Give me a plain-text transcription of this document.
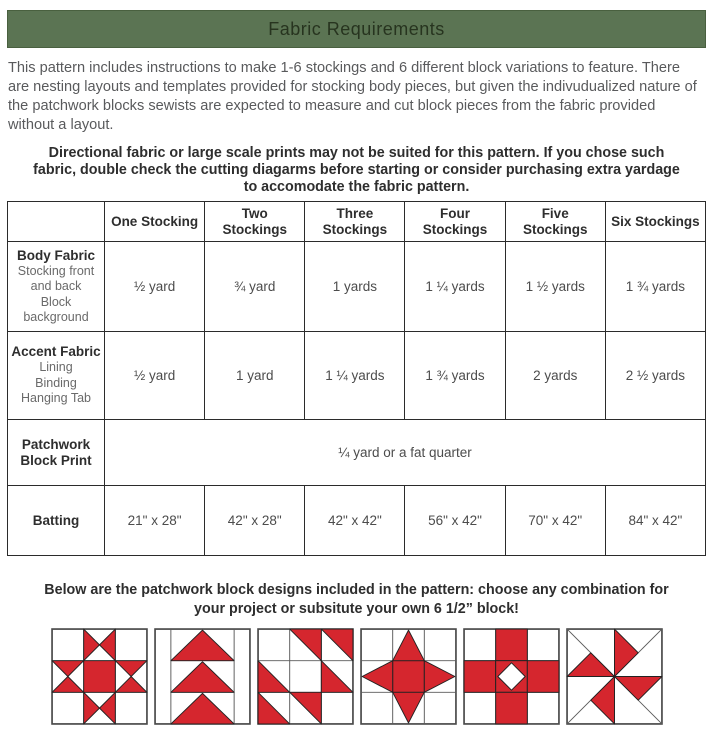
Fabric Requirements

This pattern includes instructions to make 1-6 stockings and 6 different block variations to feature. There are nesting layouts and templates provided for stocking body pieces, but given the indivudualized nature of the patchwork blocks sewists are expected to measure and cut block pieces from the fabric provided without a layout.

Directional fabric or large scale prints may not be suited for this pattern. If you chose such fabric, double check the cutting diagarms before starting or consider purchasing extra yardage to accomodate the fabric pattern.

	One Stocking	Two Stockings	Three Stockings	Four Stockings	Five Stockings	Six Stockings

Body Fabric
Stocking front
and back
Block
background	½ yard	¾ yard	1 yards	1 ¼ yards	1 ½ yards	1 ¾ yards

Accent Fabric
Lining
Binding
Hanging Tab	½ yard	1 yard	1 ¼ yards	1 ¾ yards	2 yards	2 ½ yards

Patchwork Block Print	¼ yard or a fat quarter					

Batting	21" x 28"	42" x 28"	42" x 42"	56" x 42"	70" x 42"	84" x 42"

Below are the patchwork block designs included in the pattern: choose any combination for your project or subsitute your own 6 1/2” block!
